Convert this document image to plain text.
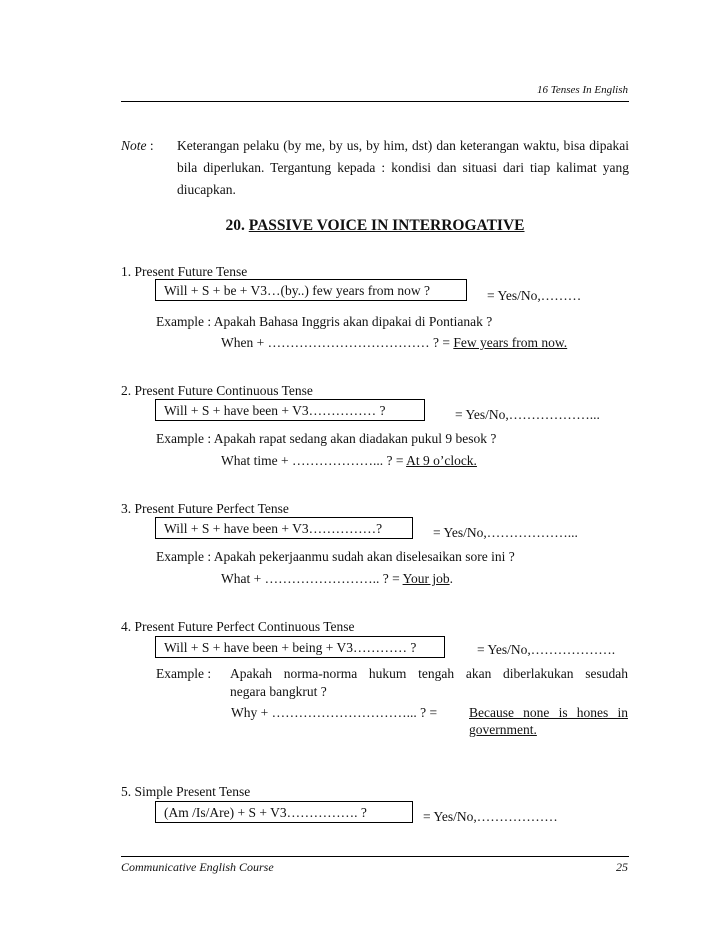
16 Tenses In English
Note : Keterangan pelaku (by me, by us, by him, dst) dan keterangan waktu, bisa dipakai bila diperlukan. Tergantung kepada : kondisi dan situasi dari tiap kalimat yang diucapkan.
20. PASSIVE VOICE IN INTERROGATIVE
1. Present Future Tense
Will + S + be + V3…(by..) few years from now ?	= Yes/No,………
Example : Apakah Bahasa Inggris akan dipakai di Pontianak ?
When + ……………………………… ? = Few years from now.
2. Present Future Continuous Tense
Will + S + have been + V3…………… ?	= Yes/No,………………...
Example : Apakah rapat sedang akan diadakan pukul 9 besok ?
What time + ………………... ? = At 9 o’clock.
3. Present Future Perfect Tense
Will + S + have been + V3……………?	= Yes/No,………………...
Example : Apakah pekerjaanmu sudah akan diselesaikan sore ini ?
What + …………………….. ? = Your job.
4. Present Future Perfect Continuous Tense
Will + S + have been + being + V3………… ?	= Yes/No,……………….
Example : Apakah norma-norma hukum tengah akan diberlakukan sesudah
negara bangkrut ?
Why + …………………………... ? = Because none is hones in
government.
5. Simple Present Tense
(Am /Is/Are) + S + V3……………. ?	= Yes/No,………………
Communicative English Course	25
